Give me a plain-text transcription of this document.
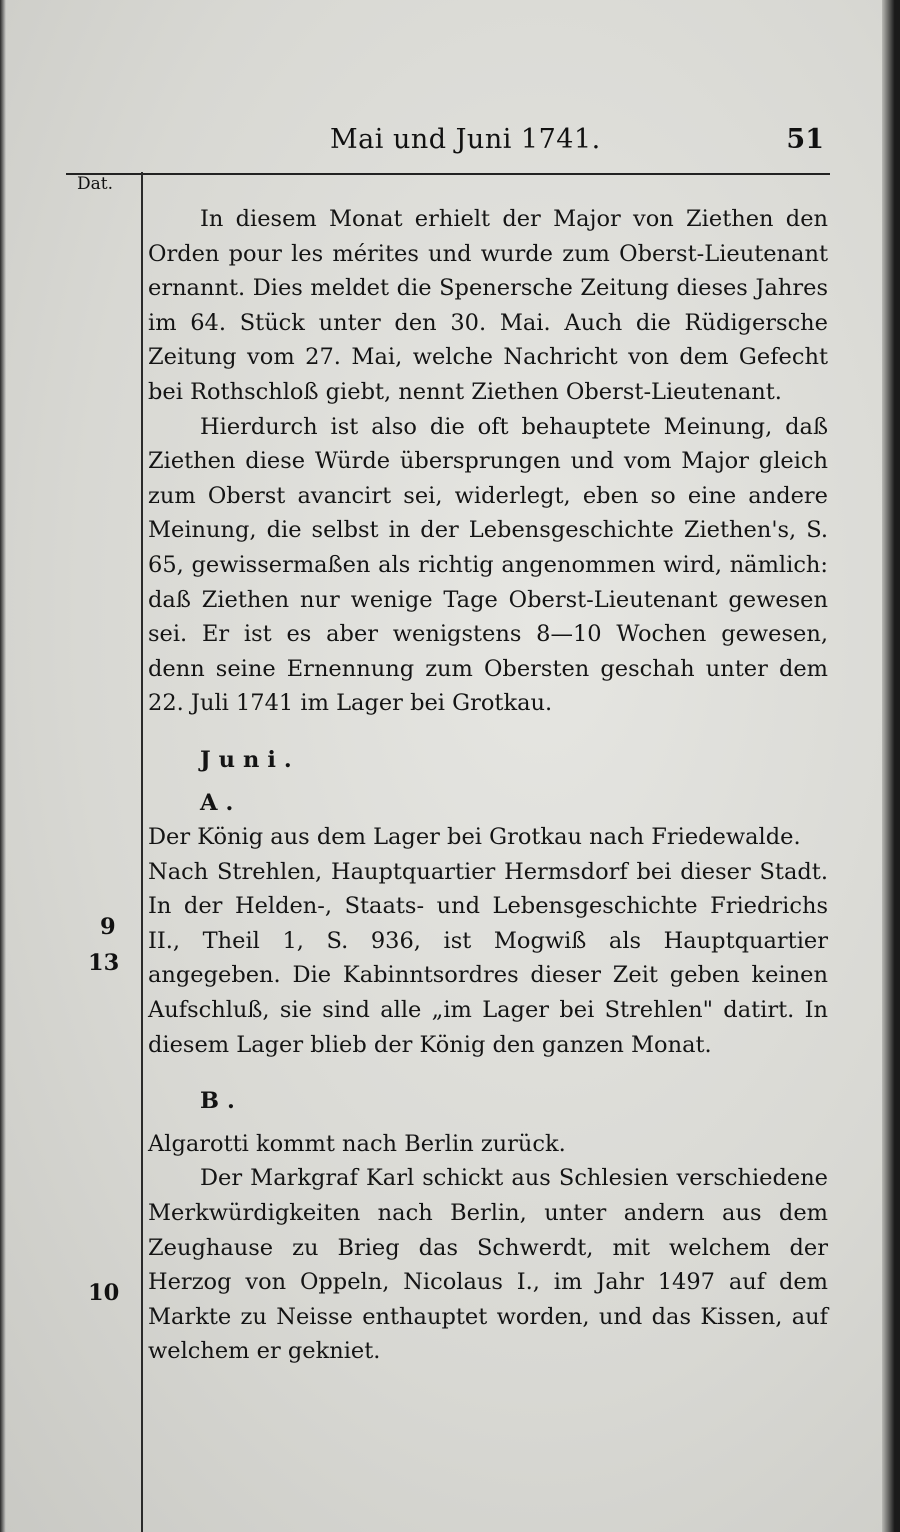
Mai und Juni 1741.	51
Dat.
9
13
10

In diesem Monat erhielt der Major von Ziethen den Orden pour les mérites und wurde zum Oberst-Lieutenant ernannt. Dies meldet die Spenersche Zeitung dieses Jahres im 64. Stück unter den 30. Mai. Auch die Rüdigersche Zeitung vom 27. Mai, welche Nachricht von dem Gefecht bei Rothschloß giebt, nennt Ziethen Oberst-Lieutenant.

Hierdurch ist also die oft behauptete Meinung, daß Ziethen diese Würde übersprungen und vom Major gleich zum Oberst avancirt sei, widerlegt, eben so eine andere Meinung, die selbst in der Lebensgeschichte Ziethen's, S. 65, gewissermaßen als richtig angenommen wird, nämlich: daß Ziethen nur wenige Tage Oberst-Lieutenant gewesen sei. Er ist es aber wenigstens 8—10 Wochen gewesen, denn seine Ernennung zum Obersten geschah unter dem 22. Juli 1741 im Lager bei Grotkau.

Juni.

A.

Der König aus dem Lager bei Grotkau nach Friedewalde.

Nach Strehlen, Hauptquartier Hermsdorf bei dieser Stadt. In der Helden-, Staats- und Lebensgeschichte Friedrichs II., Theil 1, S. 936, ist Mogwiß als Hauptquartier angegeben. Die Kabinntsordres dieser Zeit geben keinen Aufschluß, sie sind alle „im Lager bei Strehlen" datirt. In diesem Lager blieb der König den ganzen Monat.

B.

Algarotti kommt nach Berlin zurück.

Der Markgraf Karl schickt aus Schlesien verschiedene Merkwürdigkeiten nach Berlin, unter andern aus dem Zeughause zu Brieg das Schwerdt, mit welchem der Herzog von Oppeln, Nicolaus I., im Jahr 1497 auf dem Markte zu Neisse enthauptet worden, und das Kissen, auf welchem er gekniet.
